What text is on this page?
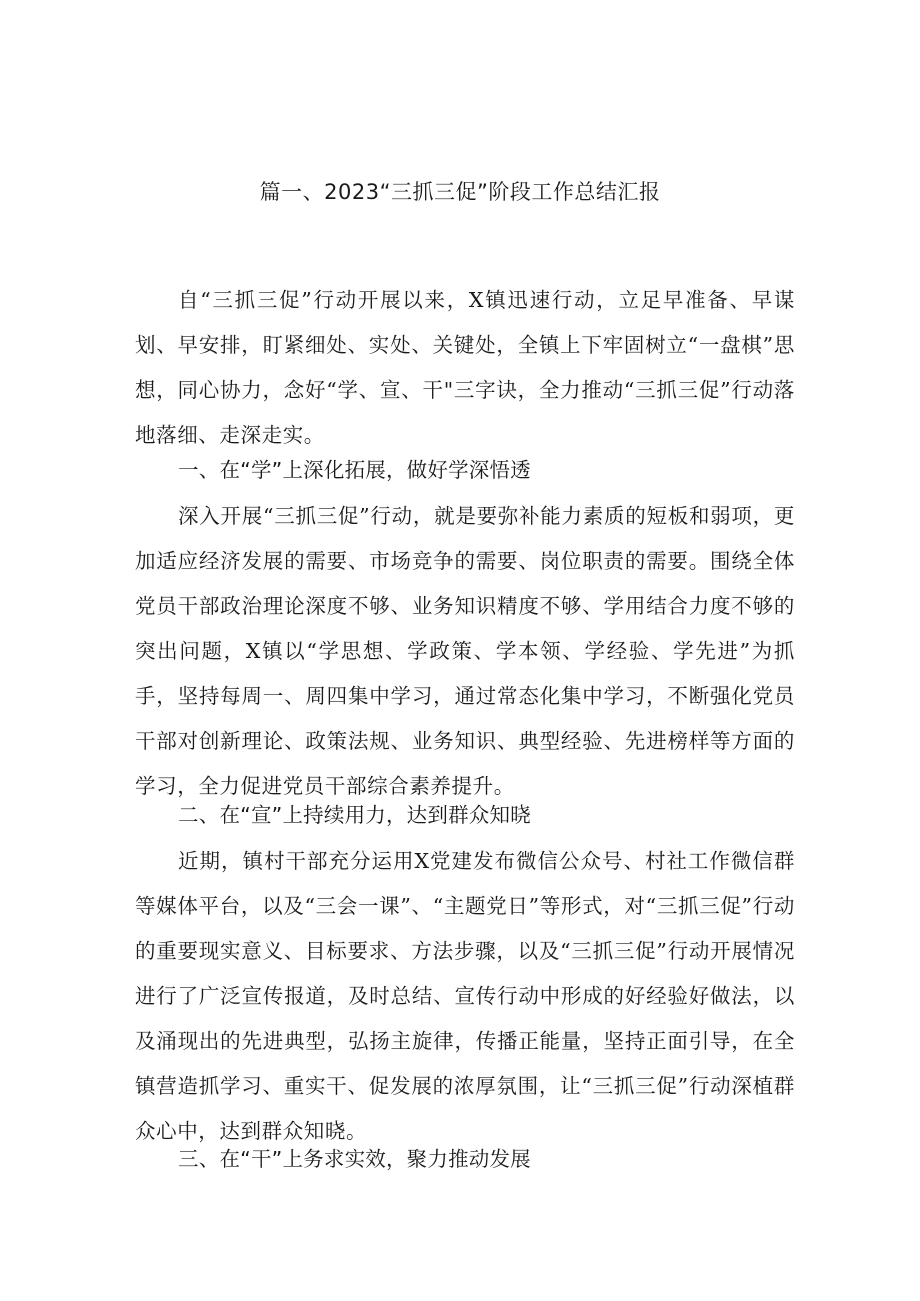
篇一、2023“三抓三促”阶段工作总结汇报

自“三抓三促”行动开展以来，X镇迅速行动，立足早准备、早谋划、早安排，盯紧细处、实处、关键处，全镇上下牢固树立“一盘棋”思想，同心协力，念好“学、宣、干"三字诀，全力推动“三抓三促”行动落地落细、走深走实。

一、在“学”上深化拓展，做好学深悟透

深入开展“三抓三促”行动，就是要弥补能力素质的短板和弱项，更加适应经济发展的需要、市场竞争的需要、岗位职责的需要。围绕全体党员干部政治理论深度不够、业务知识精度不够、学用结合力度不够的突出问题，X镇以“学思想、学政策、学本领、学经验、学先进”为抓手，坚持每周一、周四集中学习，通过常态化集中学习，不断强化党员干部对创新理论、政策法规、业务知识、典型经验、先进榜样等方面的学习，全力促进党员干部综合素养提升。

二、在“宣”上持续用力，达到群众知晓

近期，镇村干部充分运用X党建发布微信公众号、村社工作微信群等媒体平台，以及“三会一课”、“主题党日”等形式，对“三抓三促”行动的重要现实意义、目标要求、方法步骤，以及“三抓三促”行动开展情况进行了广泛宣传报道，及时总结、宣传行动中形成的好经验好做法，以及涌现出的先进典型，弘扬主旋律，传播正能量，坚持正面引导，在全镇营造抓学习、重实干、促发展的浓厚氛围，让“三抓三促”行动深植群众心中，达到群众知晓。

三、在“干”上务求实效，聚力推动发展
